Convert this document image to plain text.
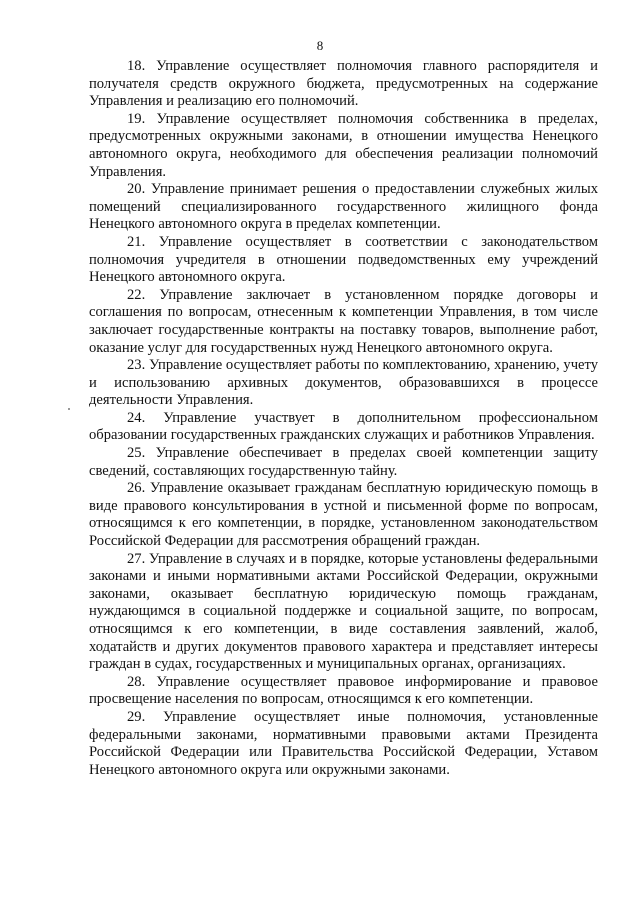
8

18. Управление осуществляет полномочия главного распорядителя и получателя средств окружного бюджета, предусмотренных на содержание Управления и реализацию его полномочий.

19. Управление осуществляет полномочия собственника в пределах, предусмотренных окружными законами, в отношении имущества Ненецкого автономного округа, необходимого для обеспечения реализации полномочий Управления.

20. Управление принимает решения о предоставлении служебных жилых помещений специализированного государственного жилищного фонда Ненецкого автономного округа в пределах компетенции.

21. Управление осуществляет в соответствии с законодательством полномочия учредителя в отношении подведомственных ему учреждений Ненецкого автономного округа.

22. Управление заключает в установленном порядке договоры и соглашения по вопросам, отнесенным к компетенции Управления, в том числе заключает государственные контракты на поставку товаров, выполнение работ, оказание услуг для государственных нужд Ненецкого автономного округа.

23. Управление осуществляет работы по комплектованию, хранению, учету и использованию архивных документов, образовавшихся в процессе деятельности Управления.

24. Управление участвует в дополнительном профессиональном образовании государственных гражданских служащих и работников Управления.

25. Управление обеспечивает в пределах своей компетенции защиту сведений, составляющих государственную тайну.

26. Управление оказывает гражданам бесплатную юридическую помощь в виде правового консультирования в устной и письменной форме по вопросам, относящимся к его компетенции, в порядке, установленном законодательством Российской Федерации для рассмотрения обращений граждан.

27. Управление в случаях и в порядке, которые установлены федеральными законами и иными нормативными актами Российской Федерации, окружными законами, оказывает бесплатную юридическую помощь гражданам, нуждающимся в социальной поддержке и социальной защите, по вопросам, относящимся к его компетенции, в виде составления заявлений, жалоб, ходатайств и других документов правового характера и представляет интересы граждан в судах, государственных и муниципальных органах, организациях.

28. Управление осуществляет правовое информирование и правовое просвещение населения по вопросам, относящимся к его компетенции.

29. Управление осуществляет иные полномочия, установленные федеральными законами, нормативными правовыми актами Президента Российской Федерации или Правительства Российской Федерации, Уставом Ненецкого автономного округа или окружными законами.
